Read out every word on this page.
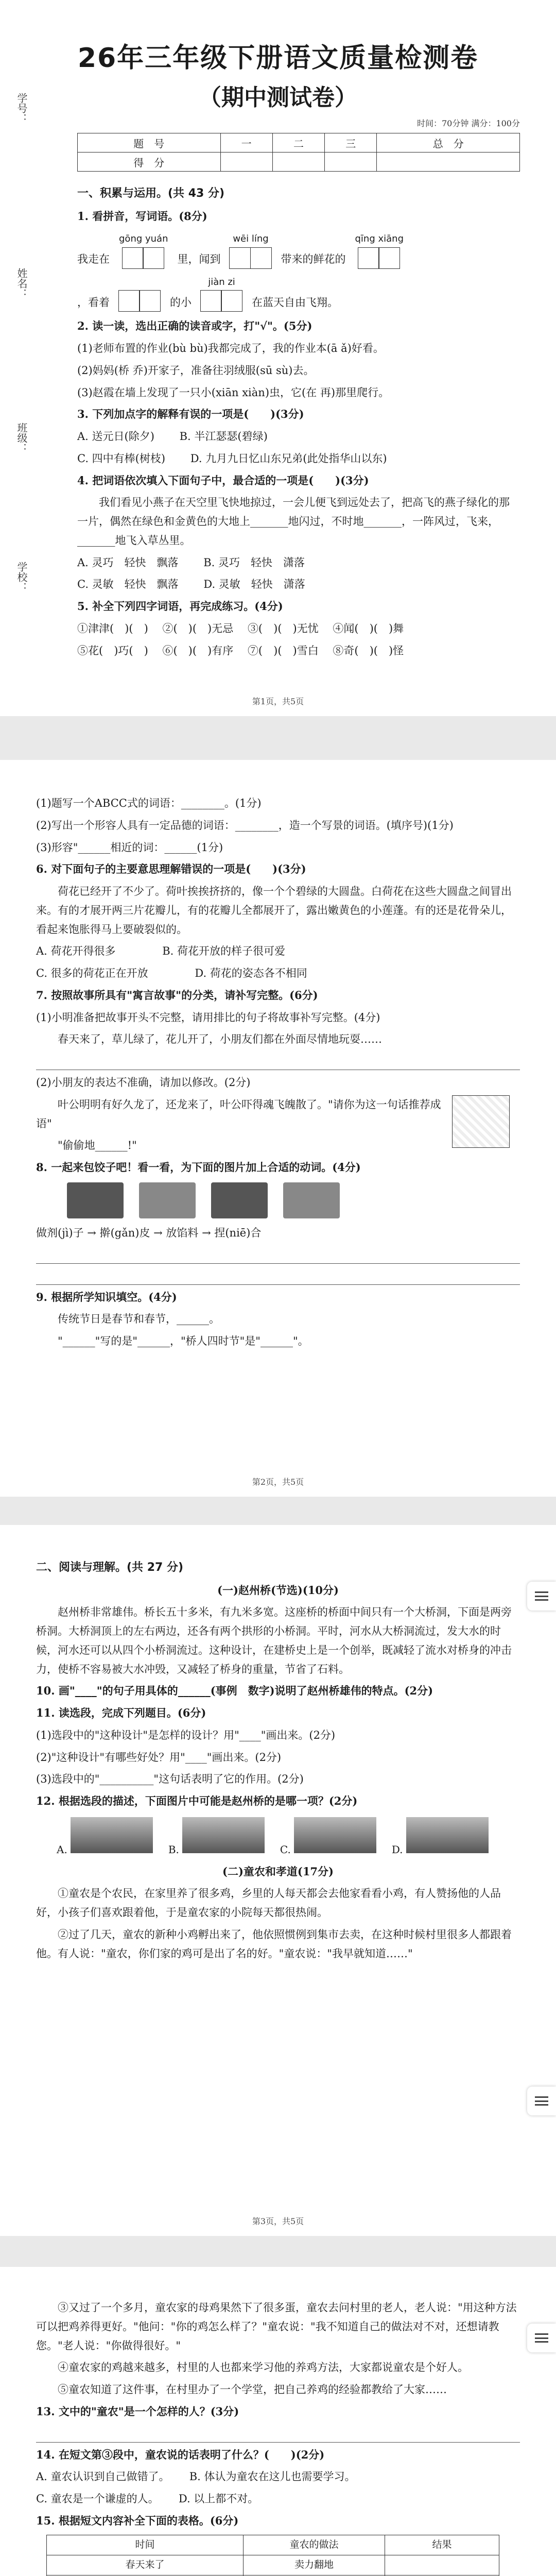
学号：
姓名：
班级：
学校：
26年三年级下册语文质量检测卷
（期中测试卷）
时间：70分钟 满分：100分
题　号	一	二	三	总　分
得　分				
一、积累与运用。(共 43 分)

1. 看拼音，写词语。(8分)

我走在
gōng yuán
里，闻到
wēi líng
带来的鲜花的
qīng xiāng
，看着	的小
jiàn zi
在蓝天自由飞翔。

2. 读一读，选出正确的读音或字，打"√"。(5分)

(1)老师布置的作业(bù bù)我都完成了，我的作业本(ā ǎ)好看。

(2)妈妈(桥 乔)开家子，准备往羽绒服(sū sù)去。

(3)赵霞在墙上发现了一只小(xiān xiàn)虫，它(在 再)那里爬行。

3. 下列加点字的解释有误的一项是(　　)(3分)

A. 送元日(除夕)　　 B. 半江瑟瑟(碧绿)

C. 四中有棒(树枝)　　 D. 九月九日忆山东兄弟(此处指华山以东)

4. 把词语依次填入下面句子中，最合适的一项是(　　)(3分)

我们看见小燕子在天空里飞快地掠过，一会儿便飞到远处去了，把高飞的燕子绿化的那一片，偶然在绿色和金黄色的大地上_______地闪过，不时地_______，一阵风过，飞来，_______地飞入草丛里。

A. 灵巧　轻快　飘落　　 B. 灵巧　轻快　潇落

C. 灵敏　轻快　飘落　　 D. 灵敏　轻快　潇落

5. 补全下列四字词语，再完成练习。(4分)

①津津(　)(　)　 ②(　)(　)无忌　 ③(　)(　)无忧　 ④闻(　)(　)舞

⑤花(　)巧(　)　 ⑥(　)(　)有序　 ⑦(　)(　)雪白　 ⑧奇(　)(　)怪

第1页，共5页

(1)题写一个ABCC式的词语：________。(1分)

(2)写出一个形容人具有一定品德的词语：________，造一个写景的词语。(填序号)(1分)

(3)形容"______相近的词：______(1分)

6. 对下面句子的主要意思理解错误的一项是(　　)(3分)

荷花已经开了不少了。荷叶挨挨挤挤的，像一个个碧绿的大圆盘。白荷花在这些大圆盘之间冒出来。有的才展开两三片花瓣儿，有的花瓣儿全都展开了，露出嫩黄色的小莲蓬。有的还是花骨朵儿，看起来饱胀得马上要破裂似的。

A. 荷花开得很多　　　　	B. 荷花开放的样子很可爱

C. 很多的荷花正在开放　　　　	D. 荷花的姿态各不相同

7. 按照故事所具有"寓言故事"的分类，请补写完整。(6分)

(1)小明准备把故事开头不完整，请用排比的句子将故事补写完整。(4分)

春天来了，草儿绿了，花儿开了，小朋友们都在外面尽情地玩耍……

(2)小朋友的表达不准确，请加以修改。(2分)

叶公明明有好久龙了，还龙来了，叶公吓得魂飞魄散了。"请你为这一句话推荐成语"

"偷偷地______!"

8. 一起来包饺子吧！看一看，为下面的图片加上合适的动词。(4分)

做剂(jì)子 → 擀(gǎn)皮 → 放馅料 → 捏(niē)合

9. 根据所学知识填空。(4分)

传统节日是春节和春节，______。

"______"写的是"______，"桥人四时节"是"______"。

第2页，共5页
二、阅读与理解。(共 27 分)

(一)赵州桥(节选)(10分)

赵州桥非常雄伟。桥长五十多米，有九米多宽。这座桥的桥面中间只有一个大桥洞，下面是两旁桥洞。大桥洞顶上的左右两边，还各有两个拱形的小桥洞。平时，河水从大桥洞流过，发大水的时候，河水还可以从四个小桥洞流过。这种设计，在建桥史上是一个创举，既减轻了流水对桥身的冲击力，使桥不容易被大水冲毁，又减轻了桥身的重量，节省了石料。

10. 画"____"的句子用具体的______(事例　数字)说明了赵州桥雄伟的特点。(2分)

11. 读选段，完成下列题目。(6分)

(1)选段中的"这种设计"是怎样的设计？用"____"画出来。(2分)

(2)"这种设计"有哪些好处？用"____"画出来。(2分)

(3)选段中的"__________"这句话表明了它的作用。(2分)

12. 根据选段的描述，下面图片中可能是赵州桥的是哪一项？(2分)

A.	B.	C.	D.

(二)童农和孝道(17分)

①童农是个农民，在家里养了很多鸡，乡里的人每天都会去他家看看小鸡，有人赞扬他的人品好，小孩子们喜欢跟着他，于是童农家的小院每天都很热闹。

②过了几天，童农的新种小鸡孵出来了，他依照惯例到集市去卖，在这种时候村里很多人都跟着他。有人说："童农，你们家的鸡可是出了名的好。"童农说："我早就知道……"

第3页，共5页

③又过了一个多月，童农家的母鸡果然下了很多蛋，童农去问村里的老人，老人说："用这种方法可以把鸡养得更好。"他问："你的鸡怎么样了？"童农说："我不知道自己的做法对不对，还想请教您。"老人说："你做得很好。"

④童农家的鸡越来越多，村里的人也都来学习他的养鸡方法，大家都说童农是个好人。

⑤童农知道了这件事，在村里办了一个学堂，把自己养鸡的经验都教给了大家……

13. 文中的"童农"是一个怎样的人？(3分)

14. 在短文第③段中，童农说的话表明了什么？(　　)(2分)

A. 童农认识到自己做错了。　　 B. 体认为童农在这儿也需要学习。

C. 童农是一个谦虚的人。　　 D. 以上都不对。

15. 根据短文内容补全下面的表格。(6分)

时间	童农的做法	结果
春天来了	卖力翻地	
